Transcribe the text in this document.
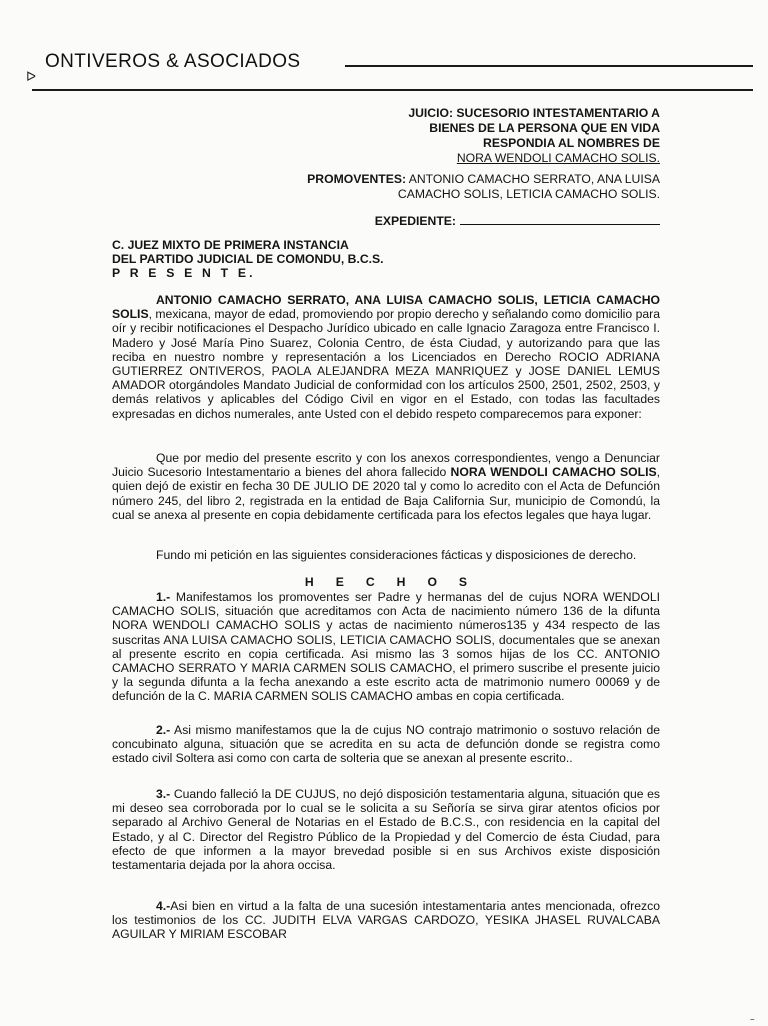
ᐅ
ONTIVEROS & ASOCIADOS
JUICIO: SUCESORIO INTESTAMENTARIO A
BIENES DE LA PERSONA QUE EN VIDA
RESPONDIA AL NOMBRES DE
NORA WENDOLI CAMACHO SOLIS.
PROMOVENTES: ANTONIO CAMACHO SERRATO, ANA LUISA
CAMACHO SOLIS, LETICIA CAMACHO SOLIS.
EXPEDIENTE:
C. JUEZ MIXTO DE PRIMERA INSTANCIA
DEL PARTIDO JUDICIAL DE COMONDU, B.C.S.
P R E S E N T E.
ANTONIO CAMACHO SERRATO, ANA LUISA CAMACHO SOLIS, LETICIA CAMACHO SOLIS, mexicana, mayor de edad, promoviendo por propio derecho y señalando como domicilio para oír y recibir notificaciones el Despacho Jurídico ubicado en calle Ignacio Zaragoza entre Francisco I. Madero y José María Pino Suarez, Colonia Centro, de ésta Ciudad, y autorizando para que las reciba en nuestro nombre y representación a los Licenciados en Derecho ROCIO ADRIANA GUTIERREZ ONTIVEROS, PAOLA ALEJANDRA MEZA MANRIQUEZ y JOSE DANIEL LEMUS AMADOR otorgándoles Mandato Judicial de conformidad con los artículos 2500, 2501, 2502, 2503, y demás relativos y aplicables del Código Civil en vigor en el Estado, con todas las facultades expresadas en dichos numerales, ante Usted con el debido respeto comparecemos para exponer:
Que por medio del presente escrito y con los anexos correspondientes, vengo a Denunciar Juicio Sucesorio Intestamentario a bienes del ahora fallecido NORA WENDOLI CAMACHO SOLIS, quien dejó de existir en fecha 30 DE JULIO DE 2020 tal y como lo acredito con el Acta de Defunción número 245, del libro 2, registrada en la entidad de Baja California Sur, municipio de Comondú, la cual se anexa al presente en copia debidamente certificada para los efectos legales que haya lugar.
Fundo mi petición en las siguientes consideraciones fácticas y disposiciones de derecho.
HECHOS
1.- Manifestamos los promoventes ser Padre y hermanas del de cujus NORA WENDOLI CAMACHO SOLIS, situación que acreditamos con Acta de nacimiento número 136 de la difunta NORA WENDOLI CAMACHO SOLIS y actas de nacimiento números135 y 434 respecto de las suscritas ANA LUISA CAMACHO SOLIS, LETICIA CAMACHO SOLIS, documentales que se anexan al presente escrito en copia certificada. Asi mismo las 3 somos hijas de los CC. ANTONIO CAMACHO SERRATO Y MARIA CARMEN SOLIS CAMACHO, el primero suscribe el presente juicio y la segunda difunta a la fecha anexando a este escrito acta de matrimonio numero 00069 y de defunción de la C. MARIA CARMEN SOLIS CAMACHO ambas en copia certificada.
2.- Asi mismo manifestamos que la de cujus NO contrajo matrimonio o sostuvo relación de concubinato alguna, situación que se acredita en su acta de defunción donde se registra como estado civil Soltera asi como con carta de solteria que se anexan al presente escrito..
3.- Cuando falleció la DE CUJUS, no dejó disposición testamentaria alguna, situación que es mi deseo sea corroborada por lo cual se le solicita a su Señoría se sirva girar atentos oficios por separado al Archivo General de Notarias en el Estado de B.C.S., con residencia en la capital del Estado, y al C. Director del Registro Público de la Propiedad y del Comercio de ésta Ciudad, para efecto de que informen a la mayor brevedad posible si en sus Archivos existe disposición testamentaria dejada por la ahora occisa.
4.-Asi bien en virtud a la falta de una sucesión intestamentaria antes mencionada, ofrezco los testimonios de los CC. JUDITH ELVA VARGAS CARDOZO, YESIKA JHASEL RUVALCABA AGUILAR Y MIRIAM ESCOBAR
᠆
